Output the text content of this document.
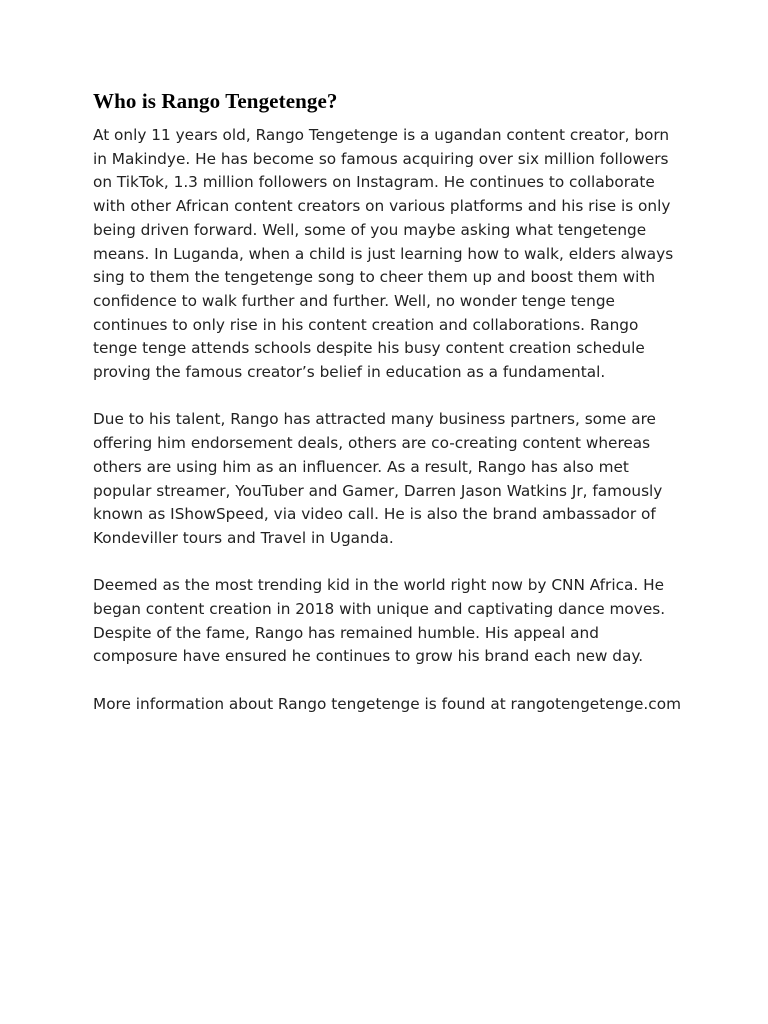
Who is Rango Tengetenge?

At only 11 years old, Rango Tengetenge is a ugandan content creator, born in Makindye. He has become so famous acquiring over six million followers on TikTok, 1.3 million followers on Instagram. He continues to collaborate with other African content creators on various platforms and his rise is only being driven forward. Well, some of you maybe asking what tengetenge means. In Luganda, when a child is just learning how to walk, elders always sing to them the tengetenge song to cheer them up and boost them with confidence to walk further and further. Well, no wonder tenge tenge continues to only rise in his content creation and collaborations. Rango tenge tenge attends schools despite his busy content creation schedule proving the famous creator’s belief in education as a fundamental.

Due to his talent, Rango has attracted many business partners, some are offering him endorsement deals, others are co-creating content whereas others are using him as an influencer. As a result, Rango has also met popular streamer, YouTuber and Gamer, Darren Jason Watkins Jr, famously known as IShowSpeed, via video call. He is also the brand ambassador of Kondeviller tours and Travel in Uganda.

Deemed as the most trending kid in the world right now by CNN Africa. He began content creation in 2018 with unique and captivating dance moves. Despite of the fame, Rango has remained humble. His appeal and composure have ensured he continues to grow his brand each new day.

More information about Rango tengetenge is found at rangotengetenge.com
